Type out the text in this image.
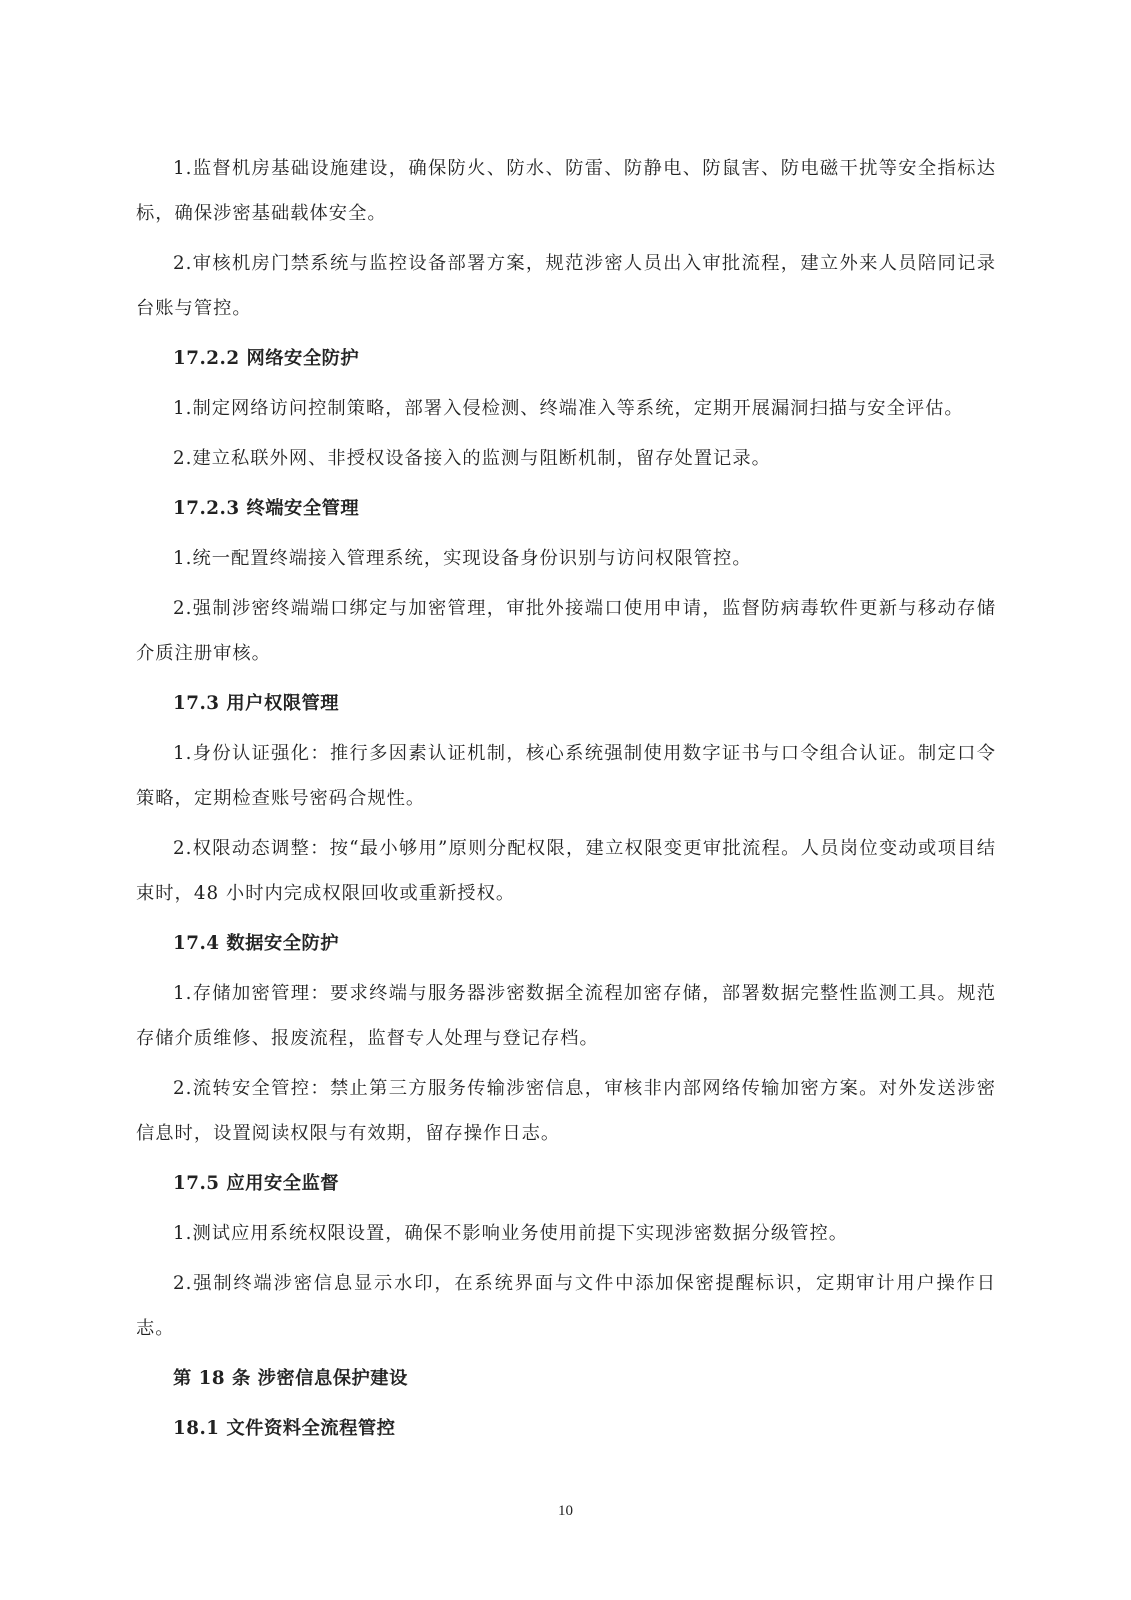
1.监督机房基础设施建设，确保防火、防水、防雷、防静电、防鼠害、防电磁干扰等安全指标达标，确保涉密基础载体安全。

2.审核机房门禁系统与监控设备部署方案，规范涉密人员出入审批流程，建立外来人员陪同记录台账与管控。

17.2.2 网络安全防护

1.制定网络访问控制策略，部署入侵检测、终端准入等系统，定期开展漏洞扫描与安全评估。

2.建立私联外网、非授权设备接入的监测与阻断机制，留存处置记录。

17.2.3 终端安全管理

1.统一配置终端接入管理系统，实现设备身份识别与访问权限管控。

2.强制涉密终端端口绑定与加密管理，审批外接端口使用申请，监督防病毒软件更新与移动存储介质注册审核。

17.3 用户权限管理

1.身份认证强化：推行多因素认证机制，核心系统强制使用数字证书与口令组合认证。制定口令策略，定期检查账号密码合规性。

2.权限动态调整：按“最小够用”原则分配权限，建立权限变更审批流程。人员岗位变动或项目结束时，48 小时内完成权限回收或重新授权。

17.4 数据安全防护

1.存储加密管理：要求终端与服务器涉密数据全流程加密存储，部署数据完整性监测工具。规范存储介质维修、报废流程，监督专人处理与登记存档。

2.流转安全管控：禁止第三方服务传输涉密信息，审核非内部网络传输加密方案。对外发送涉密信息时，设置阅读权限与有效期，留存操作日志。

17.5 应用安全监督

1.测试应用系统权限设置，确保不影响业务使用前提下实现涉密数据分级管控。

2.强制终端涉密信息显示水印，在系统界面与文件中添加保密提醒标识，定期审计用户操作日志。

第 18 条 涉密信息保护建设

18.1 文件资料全流程管控

10
